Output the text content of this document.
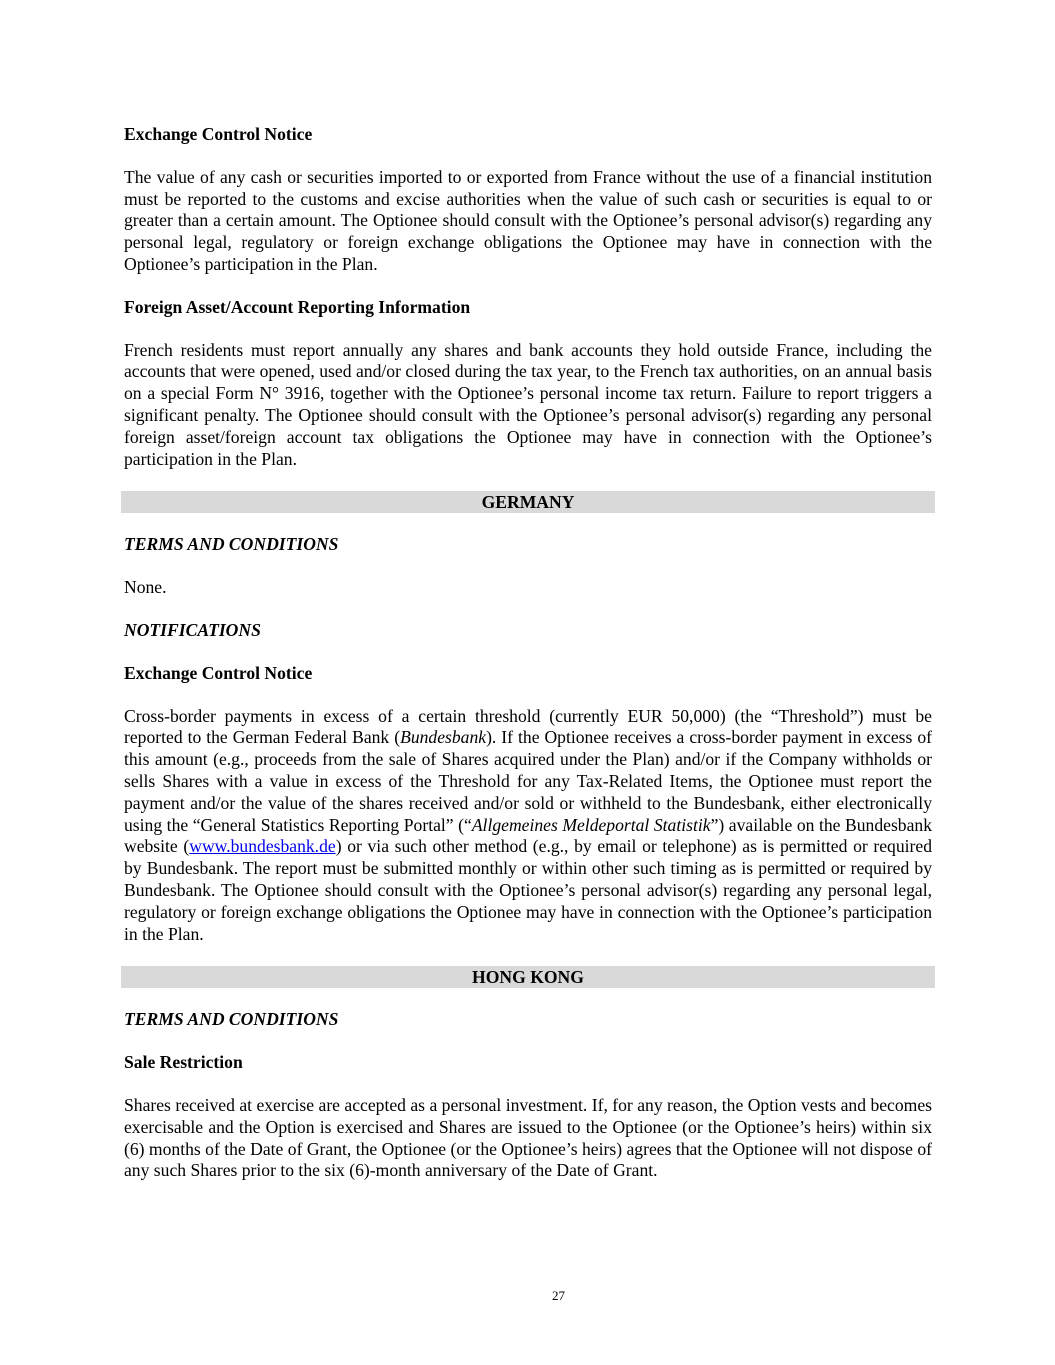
Exchange Control Notice

The value of any cash or securities imported to or exported from France without the use of a financial institution must be reported to the customs and excise authorities when the value of such cash or securities is equal to or greater than a certain amount. The Optionee should consult with the Optionee’s personal advisor(s) regarding any personal legal, regulatory or foreign exchange obligations the Optionee may have in connection with the Optionee’s participation in the Plan.

Foreign Asset/Account Reporting Information

French residents must report annually any shares and bank accounts they hold outside France, including the accounts that were opened, used and/or closed during the tax year, to the French tax authorities, on an annual basis on a special Form N° 3916, together with the Optionee’s personal income tax return. Failure to report triggers a significant penalty. The Optionee should consult with the Optionee’s personal advisor(s) regarding any personal foreign asset/foreign account tax obligations the Optionee may have in connection with the Optionee’s participation in the Plan.

GERMANY

TERMS AND CONDITIONS

None.

NOTIFICATIONS

Exchange Control Notice

Cross-border payments in excess of a certain threshold (currently EUR 50,000) (the “Threshold”) must be reported to the German Federal Bank (Bundesbank). If the Optionee receives a cross-border payment in excess of this amount (e.g., proceeds from the sale of Shares acquired under the Plan) and/or if the Company withholds or sells Shares with a value in excess of the Threshold for any Tax-Related Items, the Optionee must report the payment and/or the value of the shares received and/or sold or withheld to the Bundesbank, either electronically using the “General Statistics Reporting Portal” (“Allgemeines Meldeportal Statistik”) available on the Bundesbank website (www.bundesbank.de) or via such other method (e.g., by email or telephone) as is permitted or required by Bundesbank. The report must be submitted monthly or within other such timing as is permitted or required by Bundesbank. The Optionee should consult with the Optionee’s personal advisor(s) regarding any personal legal, regulatory or foreign exchange obligations the Optionee may have in connection with the Optionee’s participation in the Plan.

HONG KONG

TERMS AND CONDITIONS

Sale Restriction

Shares received at exercise are accepted as a personal investment. If, for any reason, the Option vests and becomes exercisable and the Option is exercised and Shares are issued to the Optionee (or the Optionee’s heirs) within six (6) months of the Date of Grant, the Optionee (or the Optionee’s heirs) agrees that the Optionee will not dispose of any such Shares prior to the six (6)-month anniversary of the Date of Grant.

27
